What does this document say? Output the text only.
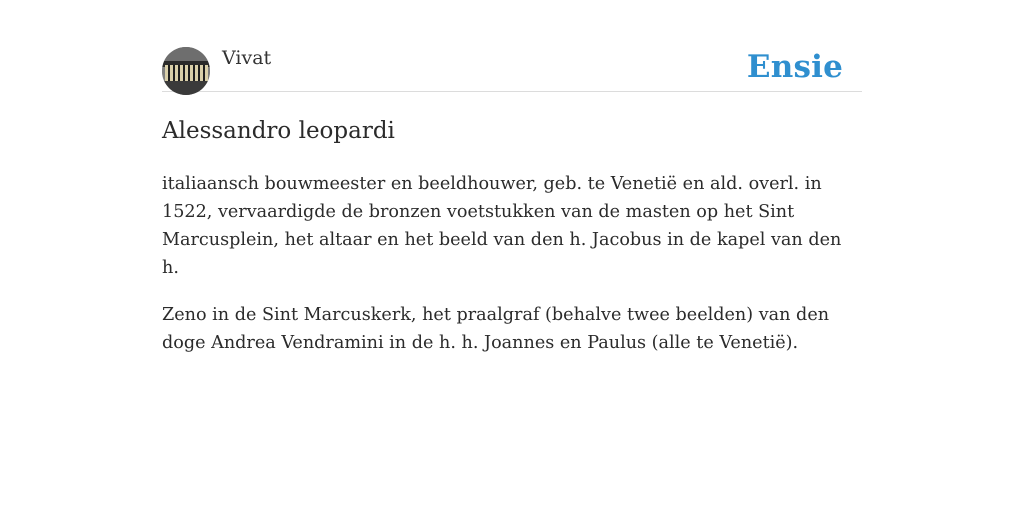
Vivat	Ensie
Alessandro leopardi

italiaansch bouwmeester en beeldhouwer, geb. te Venetië en ald. overl. in 1522, vervaardigde de bronzen voetstukken van de masten op het Sint Marcusplein, het altaar en het beeld van den h. Jacobus in de kapel van den h.

Zeno in de Sint Marcuskerk, het praalgraf (behalve twee beelden) van den doge Andrea Vendramini in de h. h. Joannes en Paulus (alle te Venetië).
